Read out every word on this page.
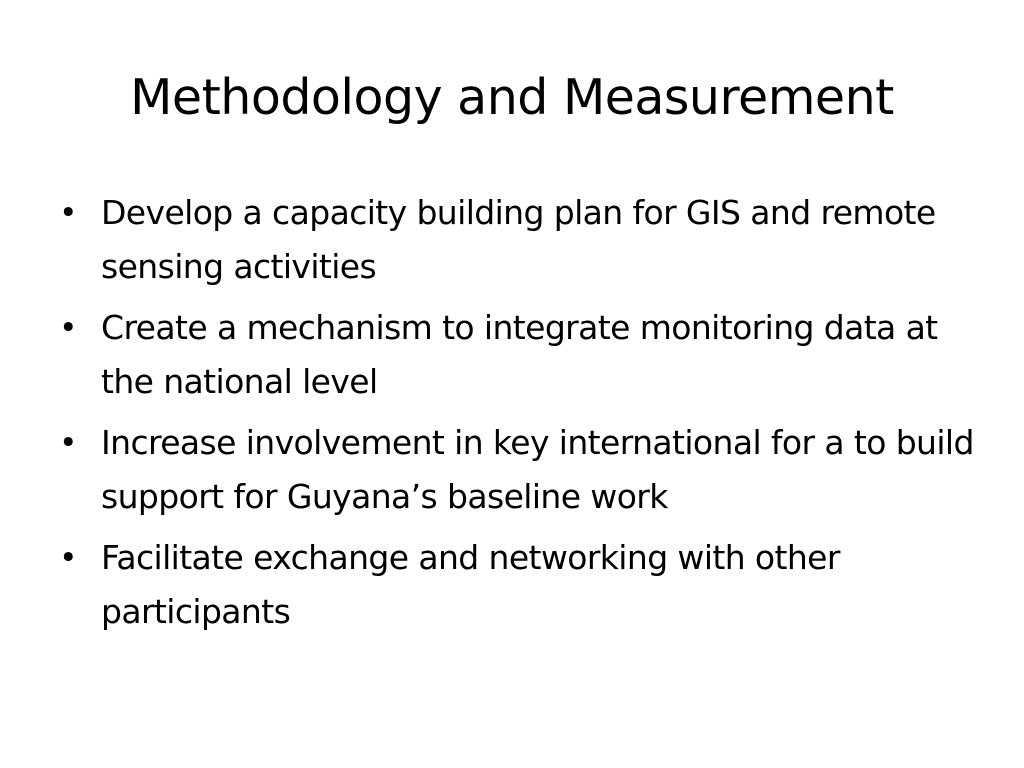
Methodology and Measurement
• Develop a capacity building plan for GIS and remote sensing activities
• Create a mechanism to integrate monitoring data at the national level
• Increase involvement in key international for a to build support for Guyana’s baseline work
• Facilitate exchange and networking with other participants
